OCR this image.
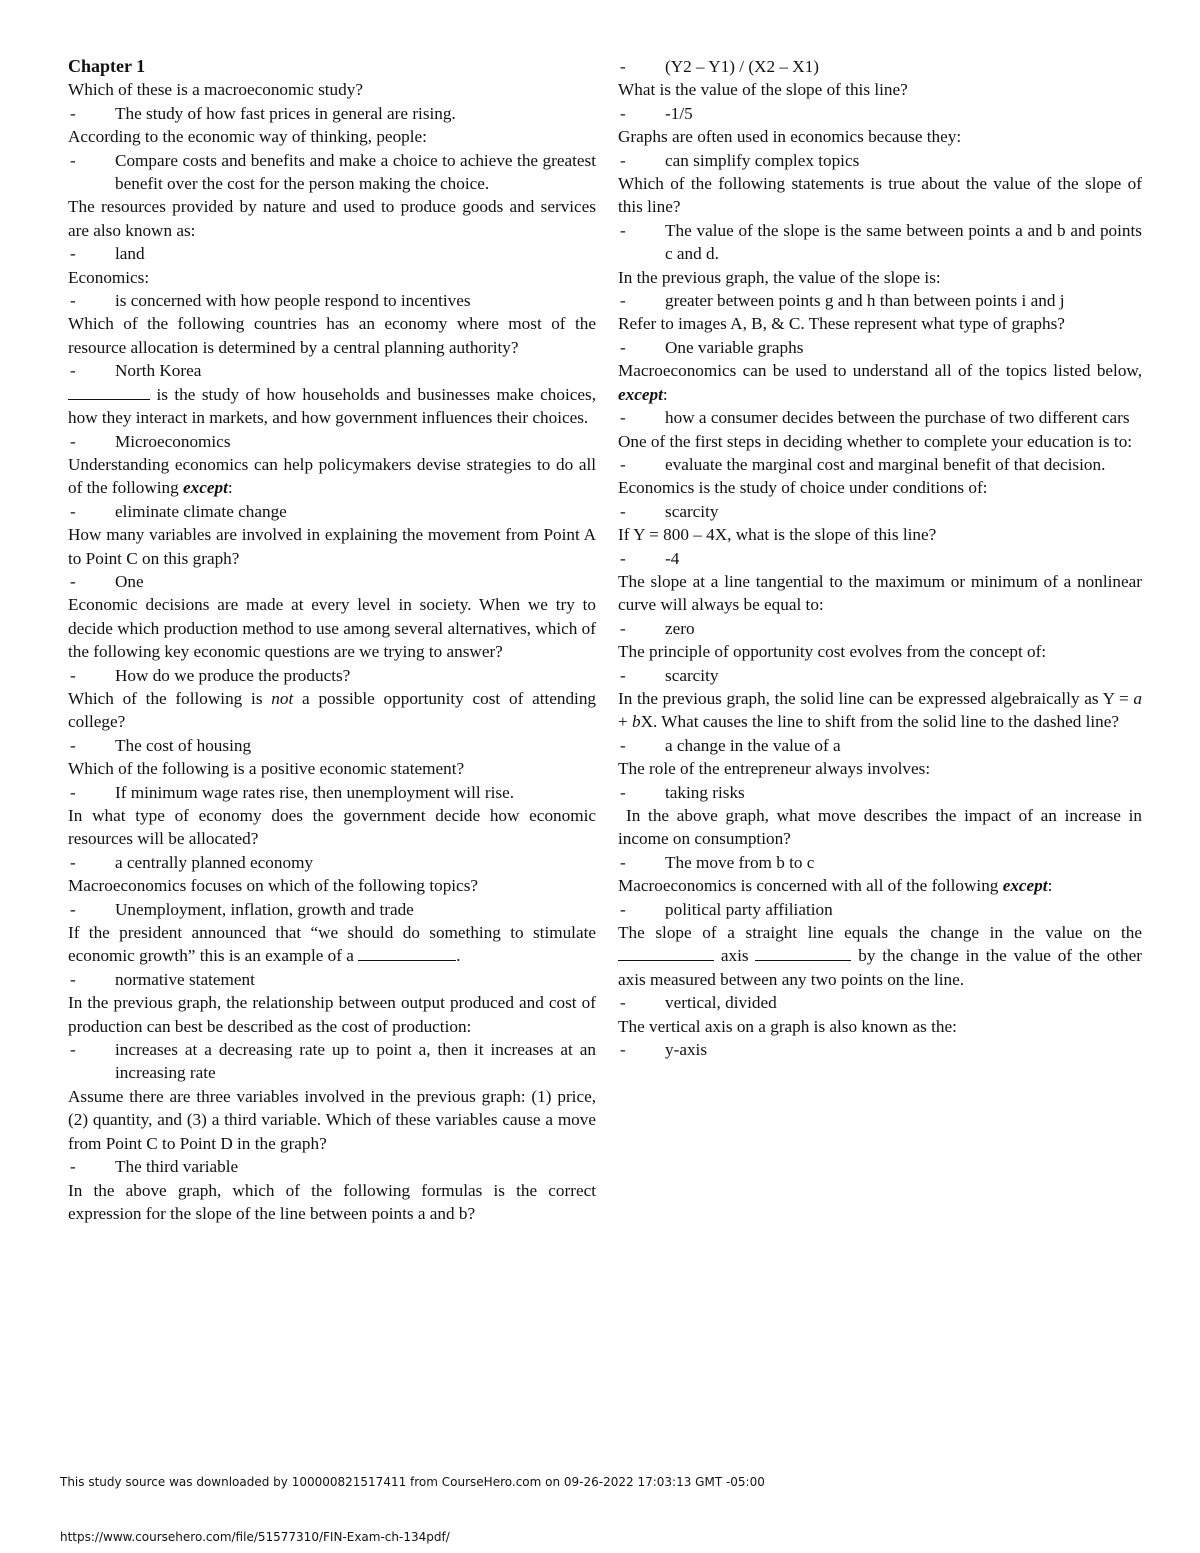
Chapter 1
Which of these is a macroeconomic study?
- The study of how fast prices in general are rising.
According to the economic way of thinking, people:
- Compare costs and benefits and make a choice to achieve the greatest benefit over the cost for the person making the choice.
The resources provided by nature and used to produce goods and services are also known as:
- land
Economics:
- is concerned with how people respond to incentives
Which of the following countries has an economy where most of the resource allocation is determined by a central planning authority?
- North Korea
is the study of how households and businesses make choices, how they interact in markets, and how government influences their choices.
- Microeconomics
Understanding economics can help policymakers devise strategies to do all of the following except:
- eliminate climate change
How many variables are involved in explaining the movement from Point A to Point C on this graph?
- One
Economic decisions are made at every level in society. When we try to decide which production method to use among several alternatives, which of the following key economic questions are we trying to answer?
- How do we produce the products?
Which of the following is not a possible opportunity cost of attending college?
- The cost of housing
Which of the following is a positive economic statement?
- If minimum wage rates rise, then unemployment will rise.
In what type of economy does the government decide how economic resources will be allocated?
- a centrally planned economy
Macroeconomics focuses on which of the following topics?
- Unemployment, inflation, growth and trade
If the president announced that “we should do something to stimulate economic growth” this is an example of a	.
- normative statement
In the previous graph, the relationship between output produced and cost of production can best be described as the cost of production:
- increases at a decreasing rate up to point a, then it increases at an increasing rate
Assume there are three variables involved in the previous graph: (1) price, (2) quantity, and (3) a third variable. Which of these variables cause a move from Point C to Point D in the graph?
- The third variable
In the above graph, which of the following formulas is the correct expression for the slope of the line between points a and b?
- (Y2 – Y1) / (X2 – X1)
What is the value of the slope of this line?
- -1/5
Graphs are often used in economics because they:
- can simplify complex topics
Which of the following statements is true about the value of the slope of this line?
- The value of the slope is the same between points a and b and points c and d.
In the previous graph, the value of the slope is:
- greater between points g and h than between points i and j
Refer to images A, B, & C. These represent what type of graphs?
- One variable graphs
Macroeconomics can be used to understand all of the topics listed below, except:
- how a consumer decides between the purchase of two different cars
One of the first steps in deciding whether to complete your education is to:
- evaluate the marginal cost and marginal benefit of that decision.
Economics is the study of choice under conditions of:
- scarcity
If Y = 800 – 4X, what is the slope of this line?
- -4
The slope at a line tangential to the maximum or minimum of a nonlinear curve will always be equal to:
- zero
The principle of opportunity cost evolves from the concept of:
- scarcity
In the previous graph, the solid line can be expressed algebraically as Y = a + bX. What causes the line to shift from the solid line to the dashed line?
- a change in the value of a
The role of the entrepreneur always involves:
- taking risks
In the above graph, what move describes the impact of an increase in income on consumption?
- The move from b to c
Macroeconomics is concerned with all of the following except:
- political party affiliation
The slope of a straight line equals the change in the value on the  axis	by the change in the value of the other axis measured between any two points on the line.
- vertical, divided
The vertical axis on a graph is also known as the:
- y-axis
This study source was downloaded by 100000821517411 from CourseHero.com on 09-26-2022 17:03:13 GMT -05:00
https://www.coursehero.com/file/51577310/FIN-Exam-ch-134pdf/
